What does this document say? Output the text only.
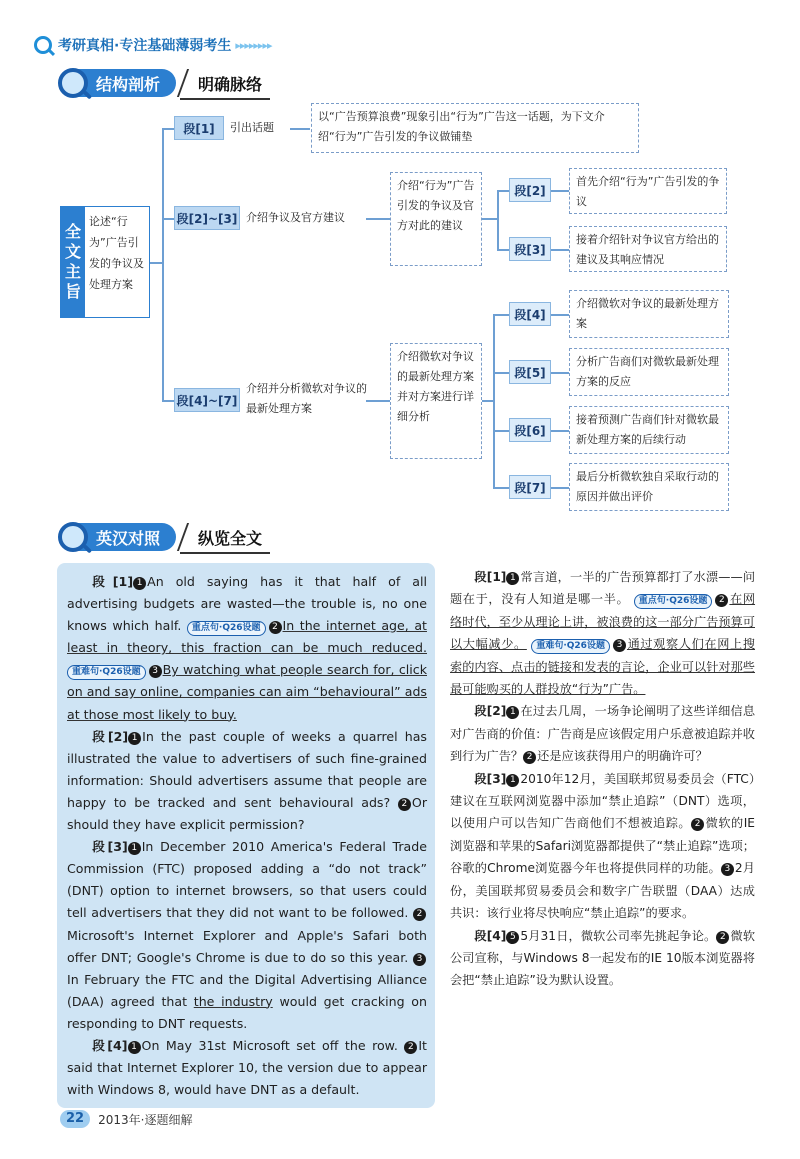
考研真相 ·专注基础薄弱考生 ▸▸▸▸▸▸▸▸
结构剖析 明确脉络
全文主旨
论述“行为”广告引发的争议及处理方案
段[1]	引出话题
以“广告预算浪费”现象引出“行为”广告这一话题，为下文介绍“行为”广告引发的争议做铺垫
段[2]~[3] 介绍争议及官方建议
介绍“行为”广告引发的争议及官方对此的建议
段[2]
首先介绍“行为”广告引发的争议
段[3]
接着介绍针对争议官方给出的建议及其响应情况
段[4]~[7]
介绍并分析微软对争议的最新处理方案
介绍微软对争议的最新处理方案并对方案进行详细分析
段[4]
介绍微软对争议的最新处理方案
段[5]
分析广告商们对微软最新处理方案的反应
段[6]
接着预测广告商们针对微软最新处理方案的后续行动
段[7]
最后分析微软独自采取行动的原因并做出评价
英汉对照 纵览全文

段[1] 1 An old saying has it that half of all advertising budgets are wasted—the trouble is, no one knows which half. 重点句·Q26设题 2 In the internet age, at least in theory, this fraction can be much reduced. 重难句·Q26设题 3 By watching what people search for, click on and say online, companies can aim “behavioural” ads at those most likely to buy.

段[2] 1 In the past couple of weeks a quarrel has illustrated the value to advertisers of such fine-grained information: Should advertisers assume that people are happy to be tracked and sent behavioural ads? 2 Or should they have explicit permission?

段[3] 1 In December 2010 America's Federal Trade Commission (FTC) proposed adding a “do not track” (DNT) option to internet browsers, so that users could tell advertisers that they did not want to be followed. 2Microsoft's Internet Explorer and Apple's Safari both offer DNT; Google's Chrome is due to do so this year. 3In February the FTC and the Digital Advertising Alliance (DAA) agreed that the industry would get cracking on responding to DNT requests.

段[4] 1 On May 31st Microsoft set off the row. 2 It said that Internet Explorer 10, the version due to appear with Windows 8, would have DNT as a default.

段[1] 1 常言道，一半的广告预算都打了水漂——问题在于，没有人知道是哪一半。 重点句·Q26设题 2 在网络时代，至少从理论上讲，被浪费的这一部分广告预算可以大幅减少。 重难句·Q26设题 3 通过观察人们在网上搜索的内容、点击的链接和发表的言论，企业可以针对那些最可能购买的人群投放“行为”广告。

段[2] 1 在过去几周，一场争论阐明了这些详细信息对广告商的价值：广告商是应该假定用户乐意被追踪并收到行为广告？ 2 还是应该获得用户的明确许可？

段[3] 1 2010年12月，美国联邦贸易委员会（FTC）建议在互联网浏览器中添加“禁止追踪”（DNT）选项，以使用户可以告知广告商他们不想被追踪。 2 微软的IE浏览器和苹果的Safari浏览器都提供了“禁止追踪”选项；谷歌的Chrome浏览器今年也将提供同样的功能。 3 2月份，美国联邦贸易委员会和数字广告联盟（DAA）达成共识：该行业将尽快响应“禁止追踪”的要求。

段[4] 5 5月31日，微软公司率先挑起争论。 2 微软公司宣称，与Windows 8一起发布的IE 10版本浏览器将会把“禁止追踪”设为默认设置。

22	2013年·逐题细解
